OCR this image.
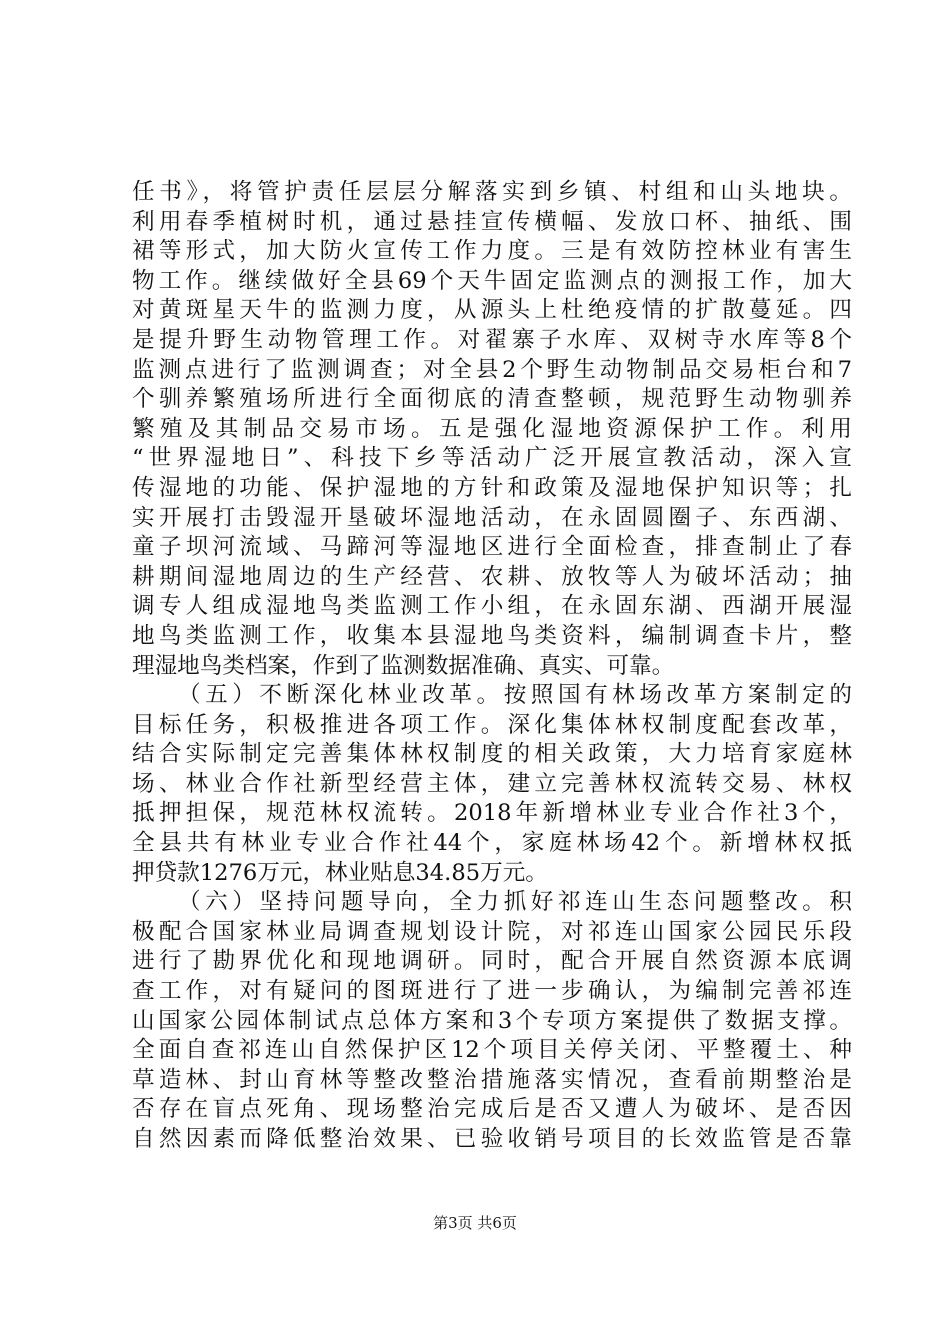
任书》，将管护责任层层分解落实到乡镇、村组和山头地块。
利用春季植树时机，通过悬挂宣传横幅、发放口杯、抽纸、围
裙等形式，加大防火宣传工作力度。三是有效防控林业有害生
物工作。继续做好全县69个天牛固定监测点的测报工作，加大
对黄斑星天牛的监测力度，从源头上杜绝疫情的扩散蔓延。四
是提升野生动物管理工作。对翟寨子水库、双树寺水库等8个
监测点进行了监测调查；对全县2个野生动物制品交易柜台和7
个驯养繁殖场所进行全面彻底的清查整顿，规范野生动物驯养
繁殖及其制品交易市场。五是强化湿地资源保护工作。利用
“世界湿地日”、科技下乡等活动广泛开展宣教活动，深入宣
传湿地的功能、保护湿地的方针和政策及湿地保护知识等；扎
实开展打击毁湿开垦破坏湿地活动，在永固圆圈子、东西湖、
童子坝河流域、马蹄河等湿地区进行全面检查，排查制止了春
耕期间湿地周边的生产经营、农耕、放牧等人为破坏活动；抽
调专人组成湿地鸟类监测工作小组，在永固东湖、西湖开展湿
地鸟类监测工作，收集本县湿地鸟类资料，编制调查卡片，整
理湿地鸟类档案，作到了监测数据准确、真实、可靠。
（五）不断深化林业改革。按照国有林场改革方案制定的
目标任务，积极推进各项工作。深化集体林权制度配套改革，
结合实际制定完善集体林权制度的相关政策，大力培育家庭林
场、林业合作社新型经营主体，建立完善林权流转交易、林权
抵押担保，规范林权流转。2018年新增林业专业合作社3个，
全县共有林业专业合作社44个，家庭林场42个。新增林权抵
押贷款1276万元，林业贴息34.85万元。
（六）坚持问题导向，全力抓好祁连山生态问题整改。积
极配合国家林业局调查规划设计院，对祁连山国家公园民乐段
进行了勘界优化和现地调研。同时，配合开展自然资源本底调
查工作，对有疑问的图斑进行了进一步确认，为编制完善祁连
山国家公园体制试点总体方案和3个专项方案提供了数据支撑。
全面自查祁连山自然保护区12个项目关停关闭、平整覆土、种
草造林、封山育林等整改整治措施落实情况，查看前期整治是
否存在盲点死角、现场整治完成后是否又遭人为破坏、是否因
自然因素而降低整治效果、已验收销号项目的长效监管是否靠
第3页 共6页
